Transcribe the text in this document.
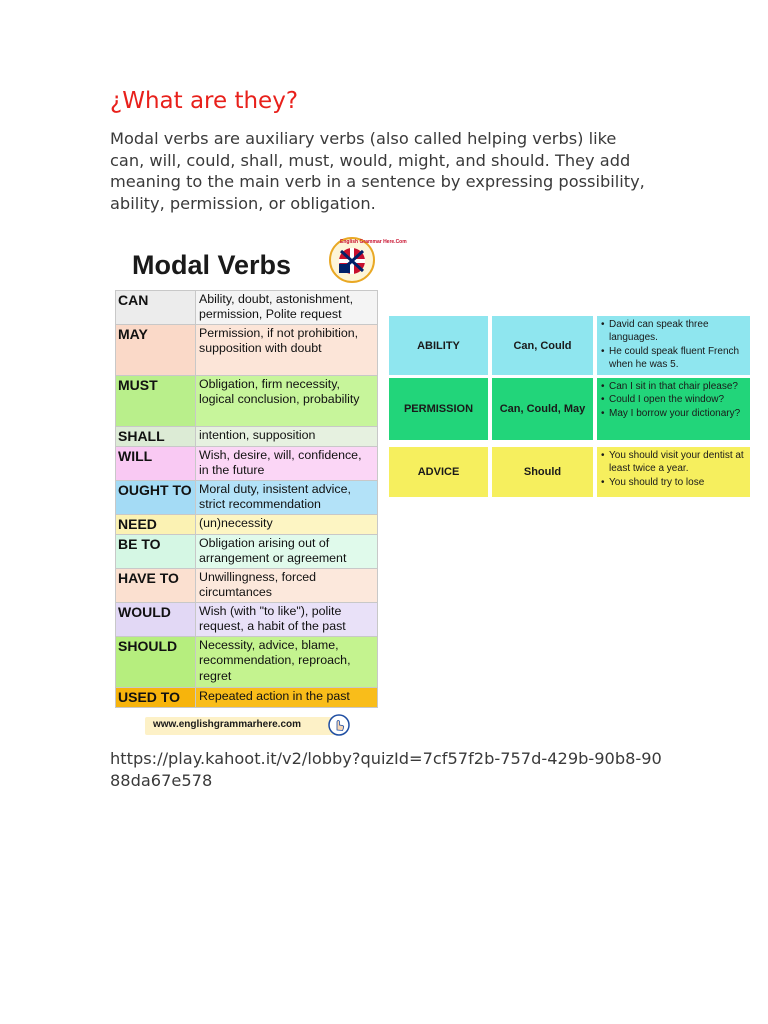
¿What are they?

Modal verbs are auxiliary verbs (also called helping verbs) like can, will, could, shall, must, would, might, and should. They add meaning to the main verb in a sentence by expressing possibility, ability, permission, or obligation.

Modal Verbs
English Grammar Here.Com
CAN	Ability, doubt, astonishment, permission, Polite request
MAY	Permission, if not prohibition, supposition with doubt
MUST	Obligation, firm necessity, logical conclusion, probability
SHALL	intention, supposition
WILL	Wish, desire, will, confidence, in the future
OUGHT TO	Moral duty, insistent advice, strict recommendation
NEED	(un)necessity
BE TO	Obligation arising out of arrangement or agreement
HAVE TO	Unwillingness, forced circumtances
WOULD	Wish (with "to like"), polite request, a habit of the past
SHOULD	Necessity, advice, blame, recommendation, reproach, regret
USED TO	Repeated action in the past
www.englishgrammarhere.com
ABILITY	Can, Could
• David can speak three languages.
• He could speak fluent French when he was 5.
PERMISSION	Can, Could, May
• Can I sit in that chair please?
• Could I open the window?
• May I borrow your dictionary?
ADVICE	Should
• You should visit your dentist at least twice a year.
• You should try to lose
https://play.kahoot.it/v2/lobby?quizId=7cf57f2b-757d-429b-90b8-9088da67e578
